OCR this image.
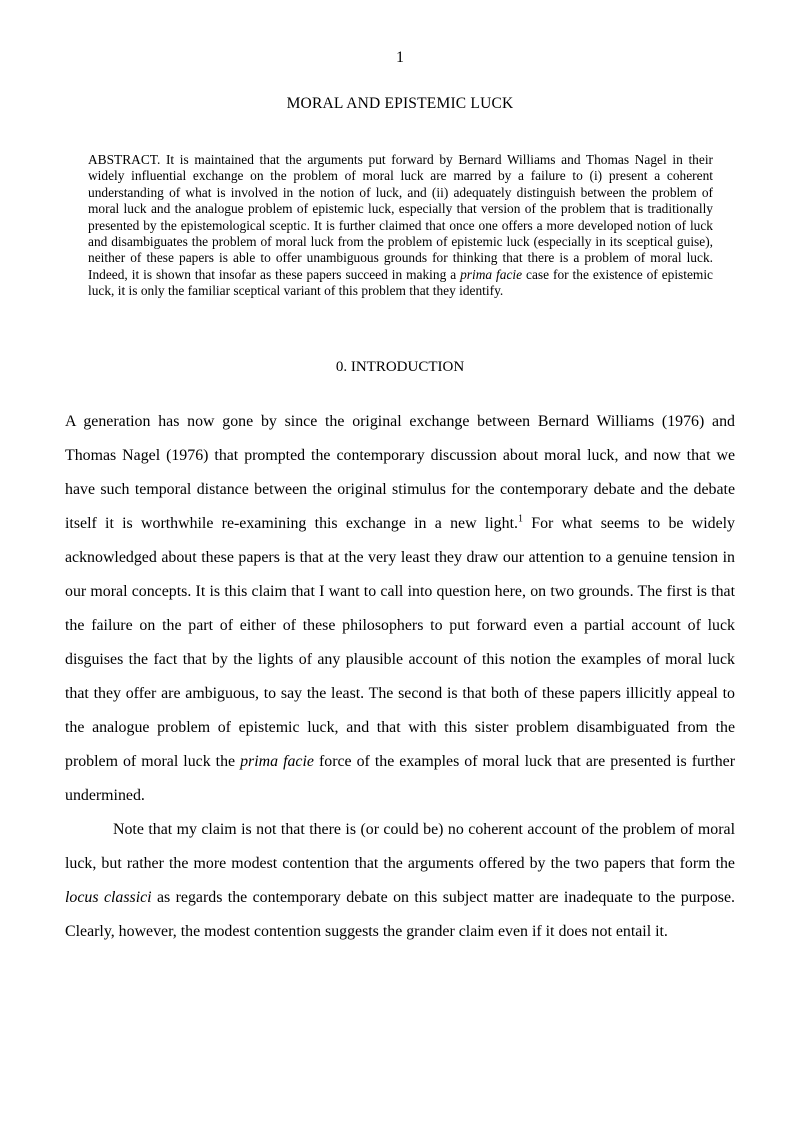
1
MORAL AND EPISTEMIC LUCK

ABSTRACT. It is maintained that the arguments put forward by Bernard Williams and Thomas Nagel in their widely influential exchange on the problem of moral luck are marred by a failure to (i) present a coherent understanding of what is involved in the notion of luck, and (ii) adequately distinguish between the problem of moral luck and the analogue problem of epistemic luck, especially that version of the problem that is traditionally presented by the epistemological sceptic. It is further claimed that once one offers a more developed notion of luck and disambiguates the problem of moral luck from the problem of epistemic luck (especially in its sceptical guise), neither of these papers is able to offer unambiguous grounds for thinking that there is a problem of moral luck. Indeed, it is shown that insofar as these papers succeed in making a prima facie case for the existence of epistemic luck, it is only the familiar sceptical variant of this problem that they identify.

0. INTRODUCTION

A generation has now gone by since the original exchange between Bernard Williams (1976) and Thomas Nagel (1976) that prompted the contemporary discussion about moral luck, and now that we have such temporal distance between the original stimulus for the contemporary debate and the debate itself it is worthwhile re-examining this exchange in a new light.$^1$ For what seems to be widely acknowledged about these papers is that at the very least they draw our attention to a genuine tension in our moral concepts. It is this claim that I want to call into question here, on two grounds. The first is that the failure on the part of either of these philosophers to put forward even a partial account of luck disguises the fact that by the lights of any plausible account of this notion the examples of moral luck that they offer are ambiguous, to say the least. The second is that both of these papers illicitly appeal to the analogue problem of epistemic luck, and that with this sister problem disambiguated from the problem of moral luck the prima facie force of the examples of moral luck that are presented is further undermined.

Note that my claim is not that there is (or could be) no coherent account of the problem of moral luck, but rather the more modest contention that the arguments offered by the two papers that form the locus classici as regards the contemporary debate on this subject matter are inadequate to the purpose. Clearly, however, the modest contention suggests the grander claim even if it does not entail it.
